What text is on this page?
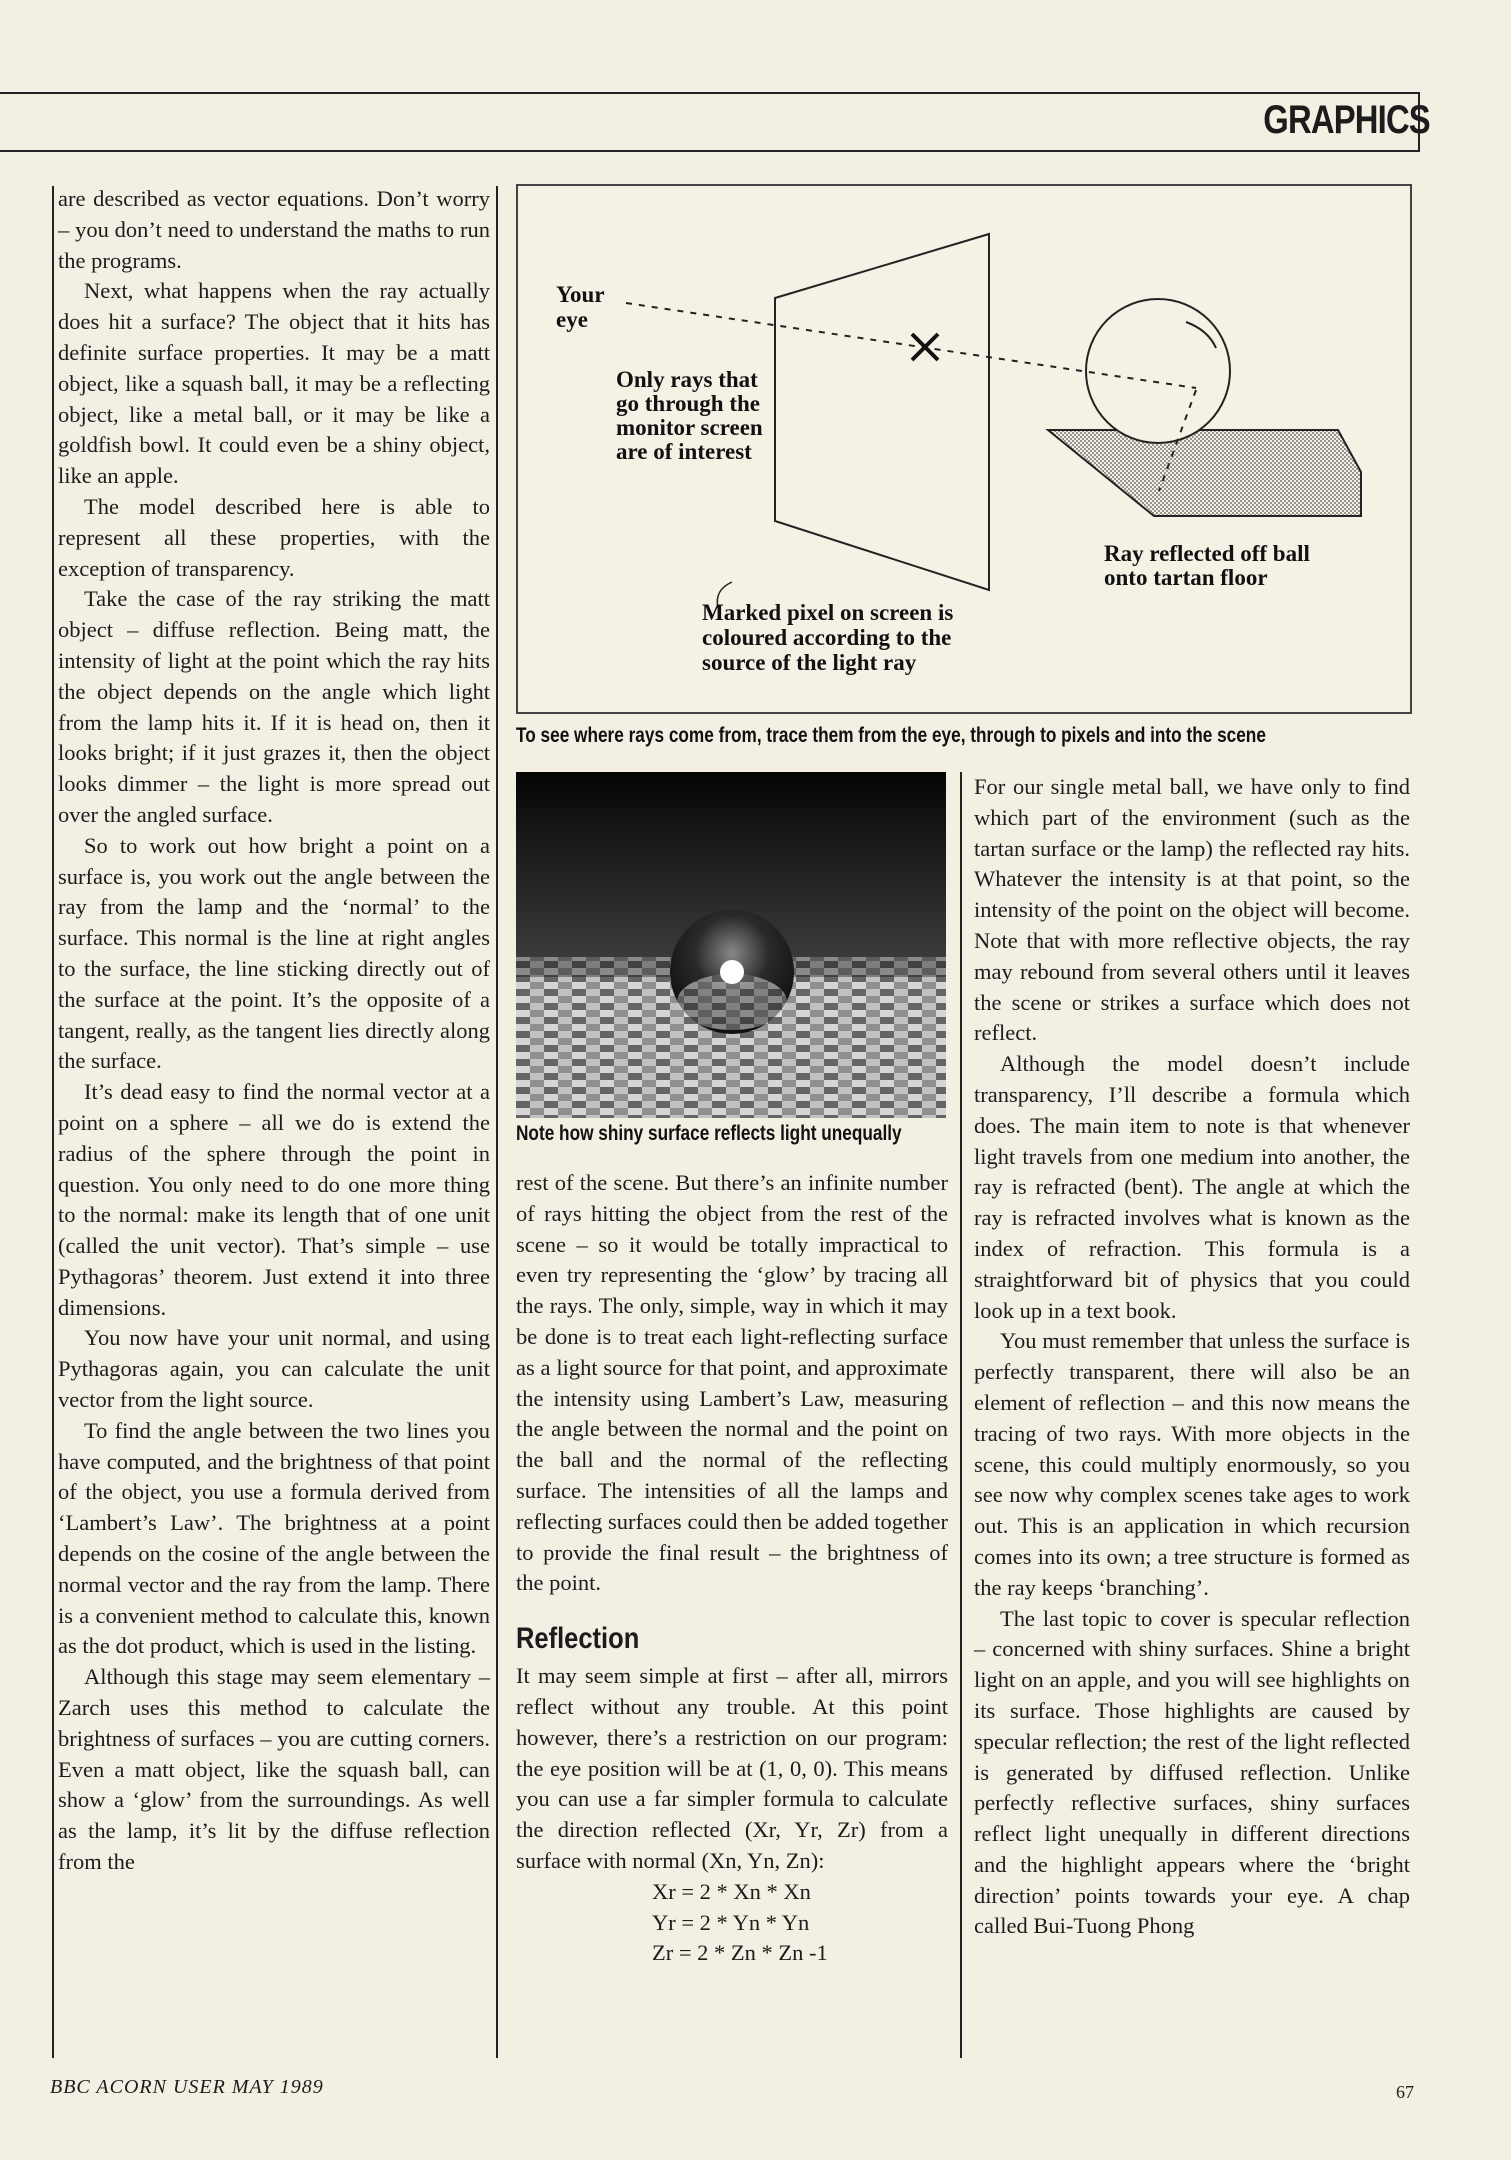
GRAPHICS

are described as vector equations. Don’t worry – you don’t need to understand the maths to run the programs.

Next, what happens when the ray actually does hit a surface? The object that it hits has definite surface properties. It may be a matt object, like a squash ball, it may be a reflecting object, like a metal ball, or it may be like a goldfish bowl. It could even be a shiny object, like an apple.

The model described here is able to represent all these properties, with the exception of transparency.

Take the case of the ray striking the matt object – diffuse reflection. Being matt, the intensity of light at the point which the ray hits the object depends on the angle which light from the lamp hits it. If it is head on, then it looks bright; if it just grazes it, then the object looks dimmer – the light is more spread out over the angled surface.

So to work out how bright a point on a surface is, you work out the angle between the ray from the lamp and the ‘normal’ to the surface. This normal is the line at right angles to the surface, the line sticking directly out of the surface at the point. It’s the opposite of a tangent, really, as the tangent lies directly along the surface.

It’s dead easy to find the normal vector at a point on a sphere – all we do is extend the radius of the sphere through the point in question. You only need to do one more thing to the normal: make its length that of one unit (called the unit vector). That’s simple – use Pythagoras’ theorem. Just extend it into three dimensions.

You now have your unit normal, and using Pythagoras again, you can calculate the unit vector from the light source.

To find the angle between the two lines you have computed, and the brightness of that point of the object, you use a formula derived from ‘Lambert’s Law’. The brightness at a point depends on the cosine of the angle between the normal vector and the ray from the lamp. There is a convenient method to calculate this, known as the dot product, which is used in the listing.

Although this stage may seem elementary – Zarch uses this method to calculate the brightness of surfaces – you are cutting corners. Even a matt object, like the squash ball, can show a ‘glow’ from the surroundings. As well as the lamp, it’s lit by the diffuse reflection from the

Your
eye
Only rays that
go through the
monitor screen
are of interest
Ray reflected off ball
onto tartan floor
Marked pixel on screen is
coloured according to the
source of the light ray
To see where rays come from, trace them from the eye, through to pixels and into the scene
Note how shiny surface reflects light unequally

rest of the scene. But there’s an infinite number of rays hitting the object from the rest of the scene – so it would be totally impractical to even try representing the ‘glow’ by tracing all the rays. The only, simple, way in which it may be done is to treat each light-reflecting surface as a light source for that point, and approximate the intensity using Lambert’s Law, measuring the angle between the normal and the point on the ball and the normal of the reflecting surface. The intensities of all the lamps and reflecting surfaces could then be added together to provide the final result – the brightness of the point.

Reflection

It may seem simple at first – after all, mirrors reflect without any trouble. At this point however, there’s a restriction on our program: the eye position will be at (1, 0, 0). This means you can use a far simpler formula to calculate the direction reflected (Xr, Yr, Zr) from a surface with normal (Xn, Yn, Zn):

Xr = 2 * Xn * Xn

Yr = 2 * Yn * Yn

Zr = 2 * Zn * Zn -1

For our single metal ball, we have only to find which part of the environment (such as the tartan surface or the lamp) the reflected ray hits. Whatever the intensity is at that point, so the intensity of the point on the object will become. Note that with more reflective objects, the ray may rebound from several others until it leaves the scene or strikes a surface which does not reflect.

Although the model doesn’t include transparency, I’ll describe a formula which does. The main item to note is that whenever light travels from one medium into another, the ray is refracted (bent). The angle at which the ray is refracted involves what is known as the index of refraction. This formula is a straightforward bit of physics that you could look up in a text book.

You must remember that unless the surface is perfectly transparent, there will also be an element of reflection – and this now means the tracing of two rays. With more objects in the scene, this could multiply enormously, so you see now why complex scenes take ages to work out. This is an application in which recursion comes into its own; a tree structure is formed as the ray keeps ‘branching’.

The last topic to cover is specular reflection – concerned with shiny surfaces. Shine a bright light on an apple, and you will see highlights on its surface. Those highlights are caused by specular reflection; the rest of the light reflected is generated by diffused reflection. Unlike perfectly reflective surfaces, shiny surfaces reflect light unequally in different directions and the highlight appears where the ‘bright direction’ points towards your eye. A chap called Bui-Tuong Phong

BBC ACORN USER MAY 1989	67
